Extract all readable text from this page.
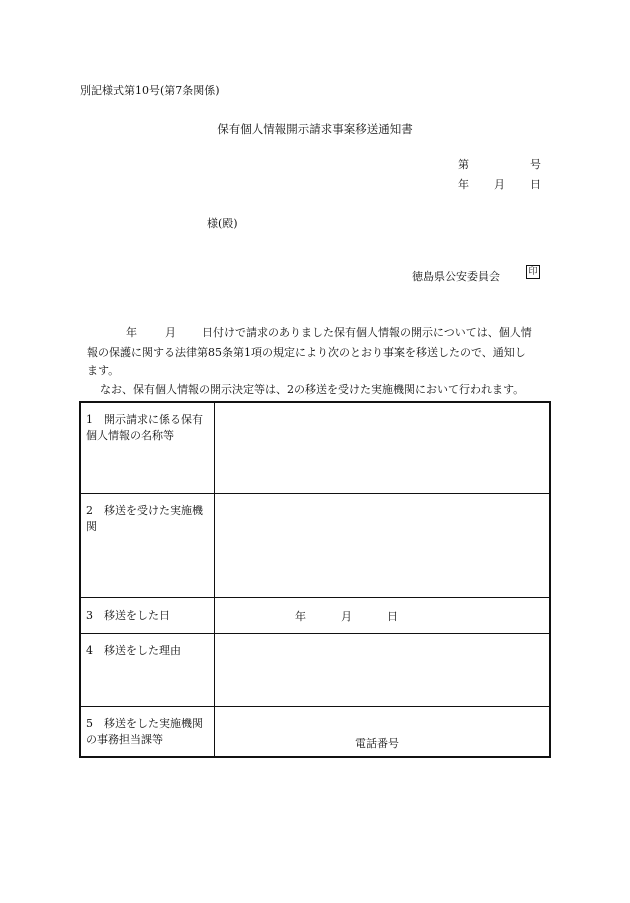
別記様式第10号(第7条関係)
保有個人情報開示請求事案移送通知書
第	号
年 月 日
様(殿)
徳島県公安委員会	印
年	月 日付けで請求のありました保有個人情報の開示については、個人情
報の保護に関する法律第85条第1項の規定により次のとおり事案を移送したので、通知し
ます。
なお、保有個人情報の開示決定等は、2の移送を受けた実施機関において行われます。
1　開示請求に係る保有
個人情報の名称等
2　移送を受けた実施機
関
3　移送をした日	年	月	日
4　移送をした理由
5　移送をした実施機関
の事務担当課等	電話番号
